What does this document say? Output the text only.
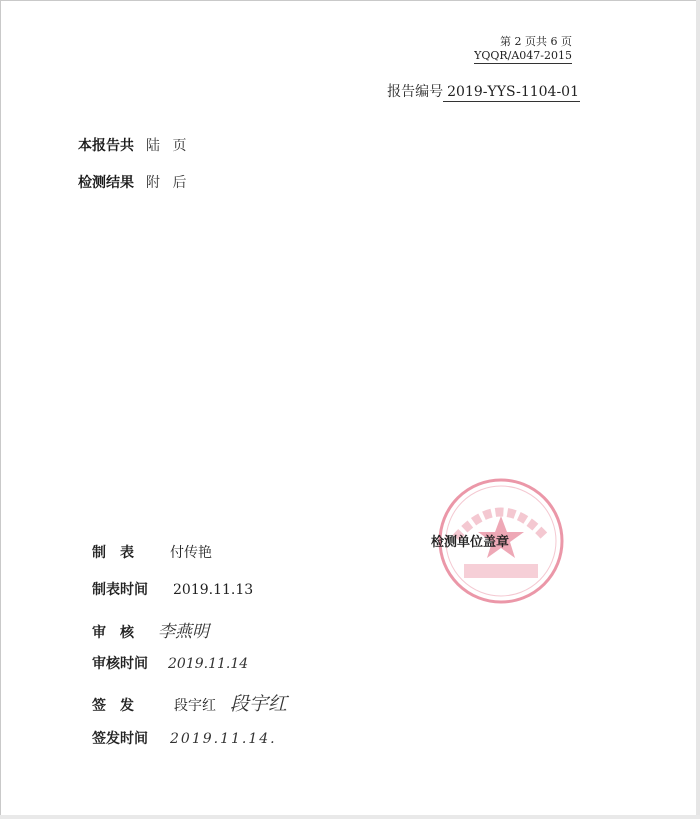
第 2 页共 6 页
YQQR/A047-2015
报告编号 2019-YYS-1104-01
本报告共 陆 页
检测结果 附 后
制　表	付传艳
制表时间 2019.11.13
审　核 李燕明
审核时间 2019.11.14
签　发	段宇红 段宇红
签发时间 2019.11.14.
检测单位盖章
